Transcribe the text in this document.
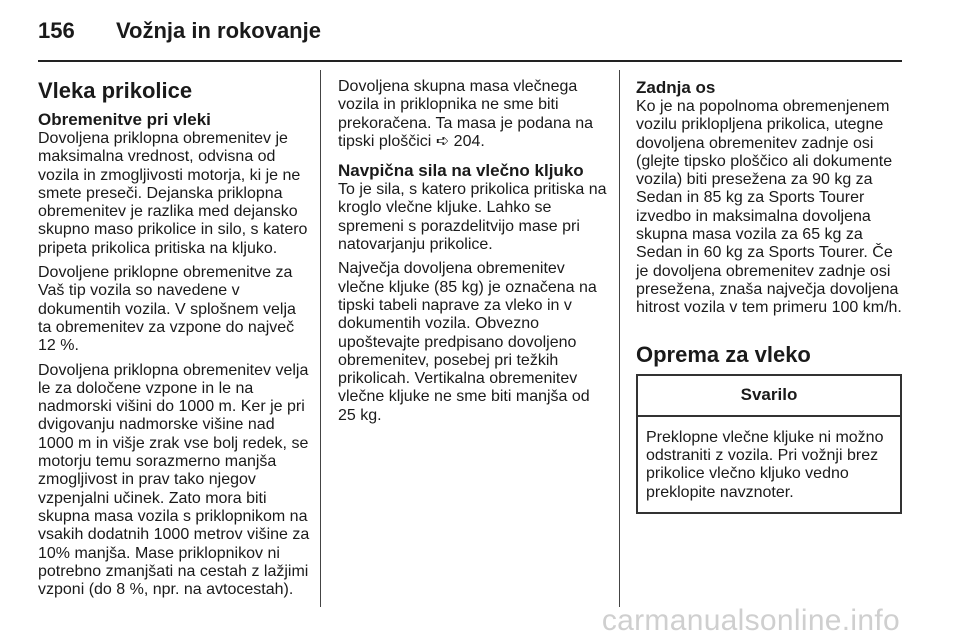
156	Vožnja in rokovanje
Vleka prikolice
Obremenitve pri vleki

Dovoljena priklopna obremenitev je maksimalna vrednost, odvisna od vozila in zmogljivosti motorja, ki je ne smete preseči. Dejanska priklopna obremenitev je razlika med dejansko skupno maso prikolice in silo, s katero pripeta prikolica pritiska na kljuko.

Dovoljene priklopne obremenitve za Vaš tip vozila so navedene v dokumentih vozila. V splošnem velja ta obremenitev za vzpone do največ 12 %.

Dovoljena priklopna obremenitev velja le za določene vzpone in le na nadmorski višini do 1000 m. Ker je pri dvigovanju nadmorske višine nad 1000 m in višje zrak vse bolj redek, se motorju temu sorazmerno manjša zmogljivost in prav tako njegov vzpenjalni učinek. Zato mora biti skupna masa vozila s priklopnikom na vsakih dodatnih 1000 metrov višine za 10% manjša. Mase priklopnikov ni potrebno zmanjšati na cestah z lažjimi vzponi (do 8 %, npr. na avtocestah).

Dovoljena skupna masa vlečnega vozila in priklopnika ne sme biti prekoračena. Ta masa je podana na tipski ploščici ➪ 204.

Navpična sila na vlečno kljuko

To je sila, s katero prikolica pritiska na kroglo vlečne kljuke. Lahko se spremeni s porazdelitvijo mase pri natovarjanju prikolice.

Največja dovoljena obremenitev vlečne kljuke (85 kg) je označena na tipski tabeli naprave za vleko in v dokumentih vozila. Obvezno upoštevajte predpisano dovoljeno obremenitev, posebej pri težkih prikolicah. Vertikalna obremenitev vlečne kljuke ne sme biti manjša od 25 kg.

Zadnja os

Ko je na popolnoma obremenjenem vozilu priklopljena prikolica, utegne dovoljena obremenitev zadnje osi (glejte tipsko ploščico ali dokumente vozila) biti presežena za 90 kg za Sedan in 85 kg za Sports Tourer izvedbo in maksimalna dovoljena skupna masa vozila za 65 kg za Sedan in 60 kg za Sports Tourer. Če je dovoljena obremenitev zadnje osi presežena, znaša največja dovoljena hitrost vozila v tem primeru 100 km/h.

Oprema za vleko
Svarilo
Preklopne vlečne kljuke ni možno odstraniti z vozila. Pri vožnji brez prikolice vlečno kljuko vedno preklopite navznoter.
carmanualsonline.info
